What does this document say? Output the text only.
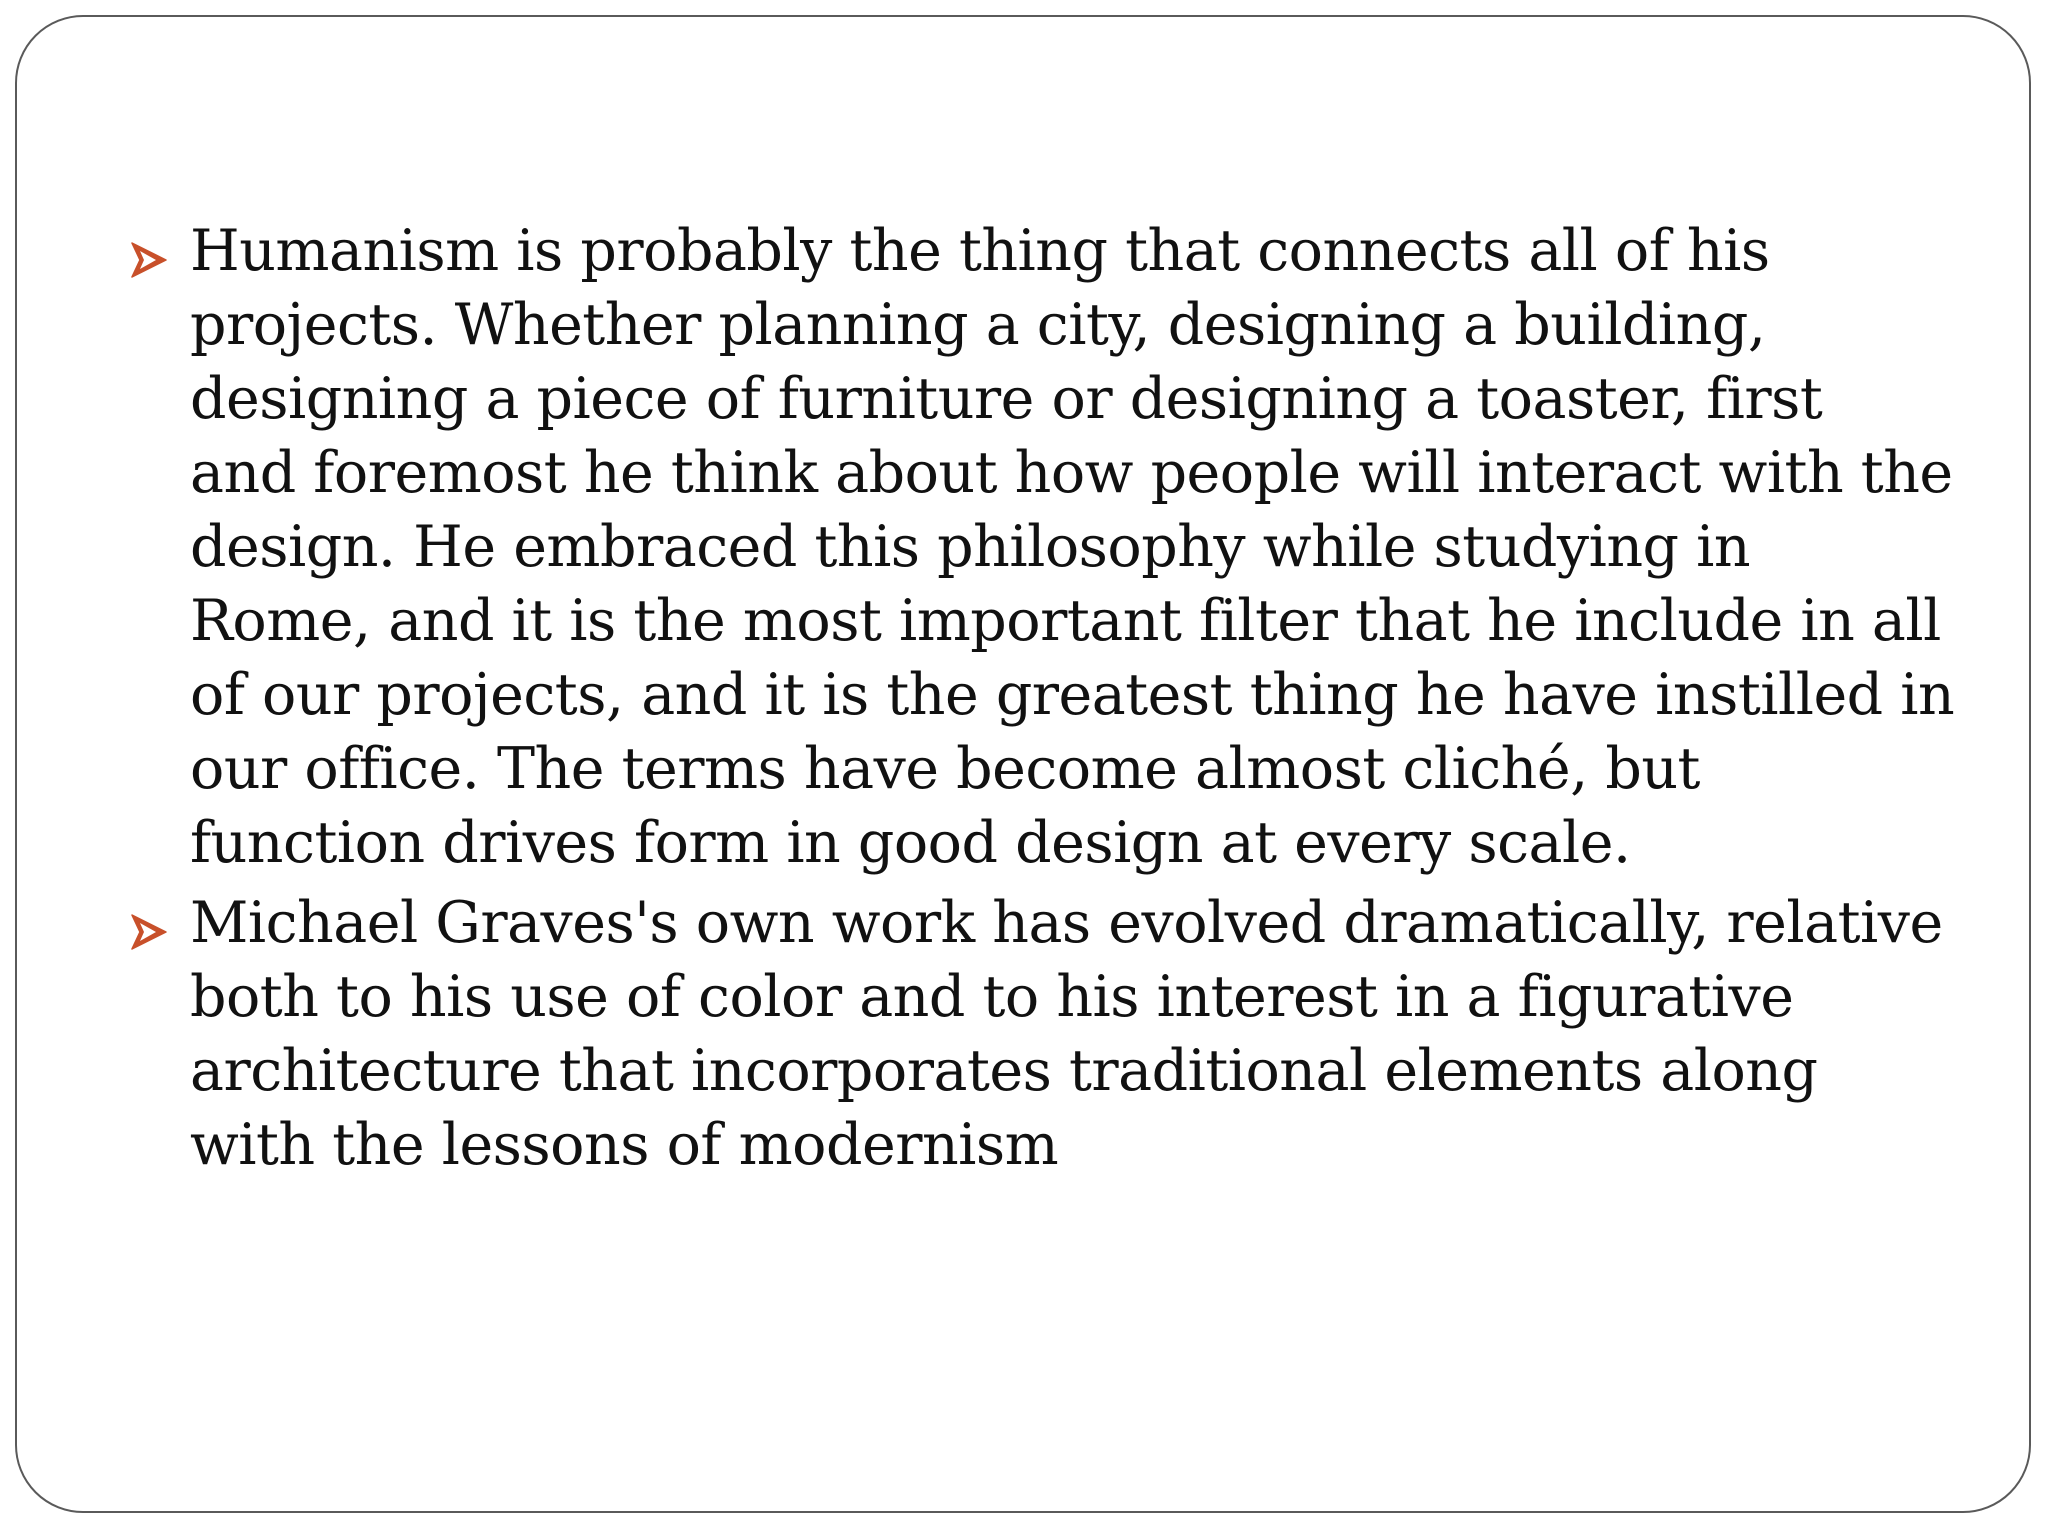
Humanism is probably the thing that connects all of his
projects. Whether planning a city, designing a building,
designing a piece of furniture or designing a toaster, first
and foremost he think about how people will interact with the
design. He embraced this philosophy while studying in
Rome, and it is the most important filter that he include in all
of our projects, and it is the greatest thing he have instilled in
our office. The terms have become almost cliché, but
function drives form in good design at every scale.
Michael Graves's own work has evolved dramatically, relative
both to his use of color and to his interest in a figurative
architecture that incorporates traditional elements along
with the lessons of modernism
